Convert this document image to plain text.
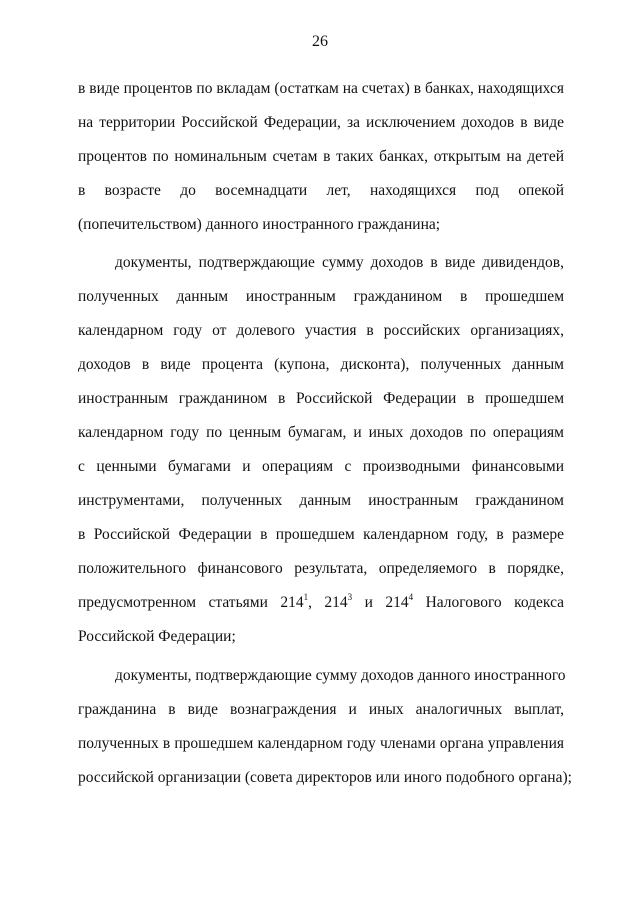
26
в виде процентов по вкладам (остаткам на счетах) в банках, находящихся
на территории Российской Федерации, за исключением доходов в виде
процентов по номинальным счетам в таких банках, открытым на детей
в возрасте до восемнадцати лет, находящихся под опекой
(попечительством) данного иностранного гражданина;
документы, подтверждающие сумму доходов в виде дивидендов,
полученных данным иностранным гражданином в прошедшем
календарном году от долевого участия в российских организациях,
доходов в виде процента (купона, дисконта), полученных данным
иностранным гражданином в Российской Федерации в прошедшем
календарном году по ценным бумагам, и иных доходов по операциям
с ценными бумагами и операциям с производными финансовыми
инструментами, полученных данным иностранным гражданином
в Российской Федерации в прошедшем календарном году, в размере
положительного финансового результата, определяемого в порядке,
предусмотренном статьями $214^1$, $214^3$ и $214^4$ Налогового кодекса
Российской Федерации;
документы, подтверждающие сумму доходов данного иностранного
гражданина в виде вознаграждения и иных аналогичных выплат,
полученных в прошедшем календарном году членами органа управления
российской организации (совета директоров или иного подобного органа);
